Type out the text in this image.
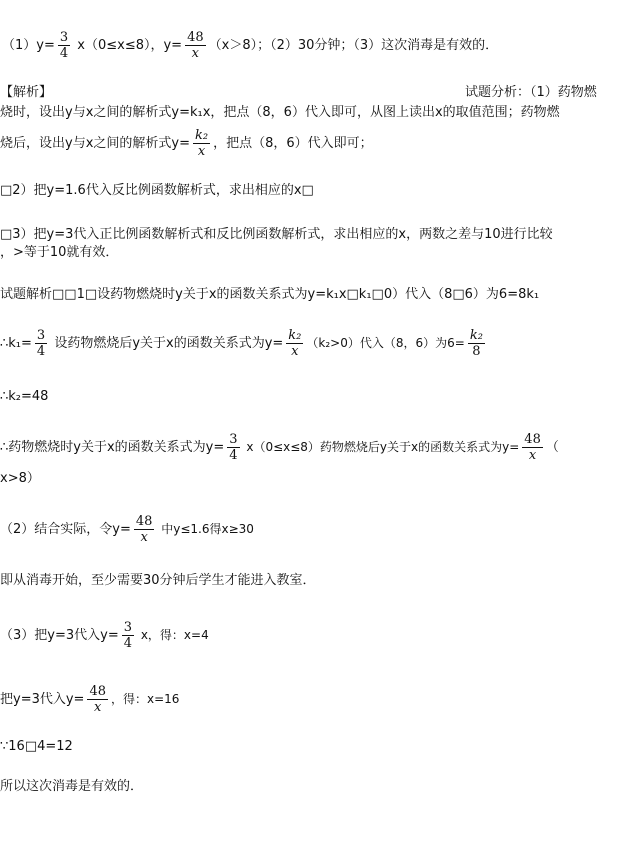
$(1)y= \frac{3}{4} x(0\le x\le 8)$，$y= \frac{48}{x} (x>8)$；（2）30分钟；（3）这次消毒是有效的．
【解析】	试题分析：（1）药物燃
烧时，设出y与x之间的解析式y=k₁x，把点（8，6）代入即可，从图上读出x的取值范围；药物燃
烧后，设出y与x之间的解析式$y= \frac{\text{k₂}}{x}$ ，把点（8，6）代入即可；
□2）把y=1.6代入反比例函数解析式，求出相应的x□
□3）把y=3代入正比例函数解析式和反比例函数解析式，求出相应的x，两数之差与10进行比较
，>等于10就有效．
试题解析□□1□设药物燃烧时y关于x的函数关系式为y=k₁x□k₁□0）代入（8□6）为6=8k₁
∴k₁= $\frac{3}{4}$ 设药物燃烧后y关于x的函数关系式为$y= \frac{\text{k₂}}{x} (k_2>0)$代入（8，6）为$6= \frac{\text{k₂}}{8}$
∴k₂=48
∴药物燃烧时y关于x的函数关系式为$y= \frac{3}{4} x(0\le x\le 8)$药物燃烧后y关于x的函数关系式为$y= \frac{48}{x}$ （
x>8）
（2）结合实际，令$y= \frac{48}{x}$ 中y≤1.6得x≥30
即从消毒开始，至少需要30分钟后学生才能进入教室．
（3）把y=3代入$y= \frac{3}{4}$ x，得：x=4
把y=3代入$y= \frac{48}{x}$ ，得：x=16
∵16□4=12
所以这次消毒是有效的．
